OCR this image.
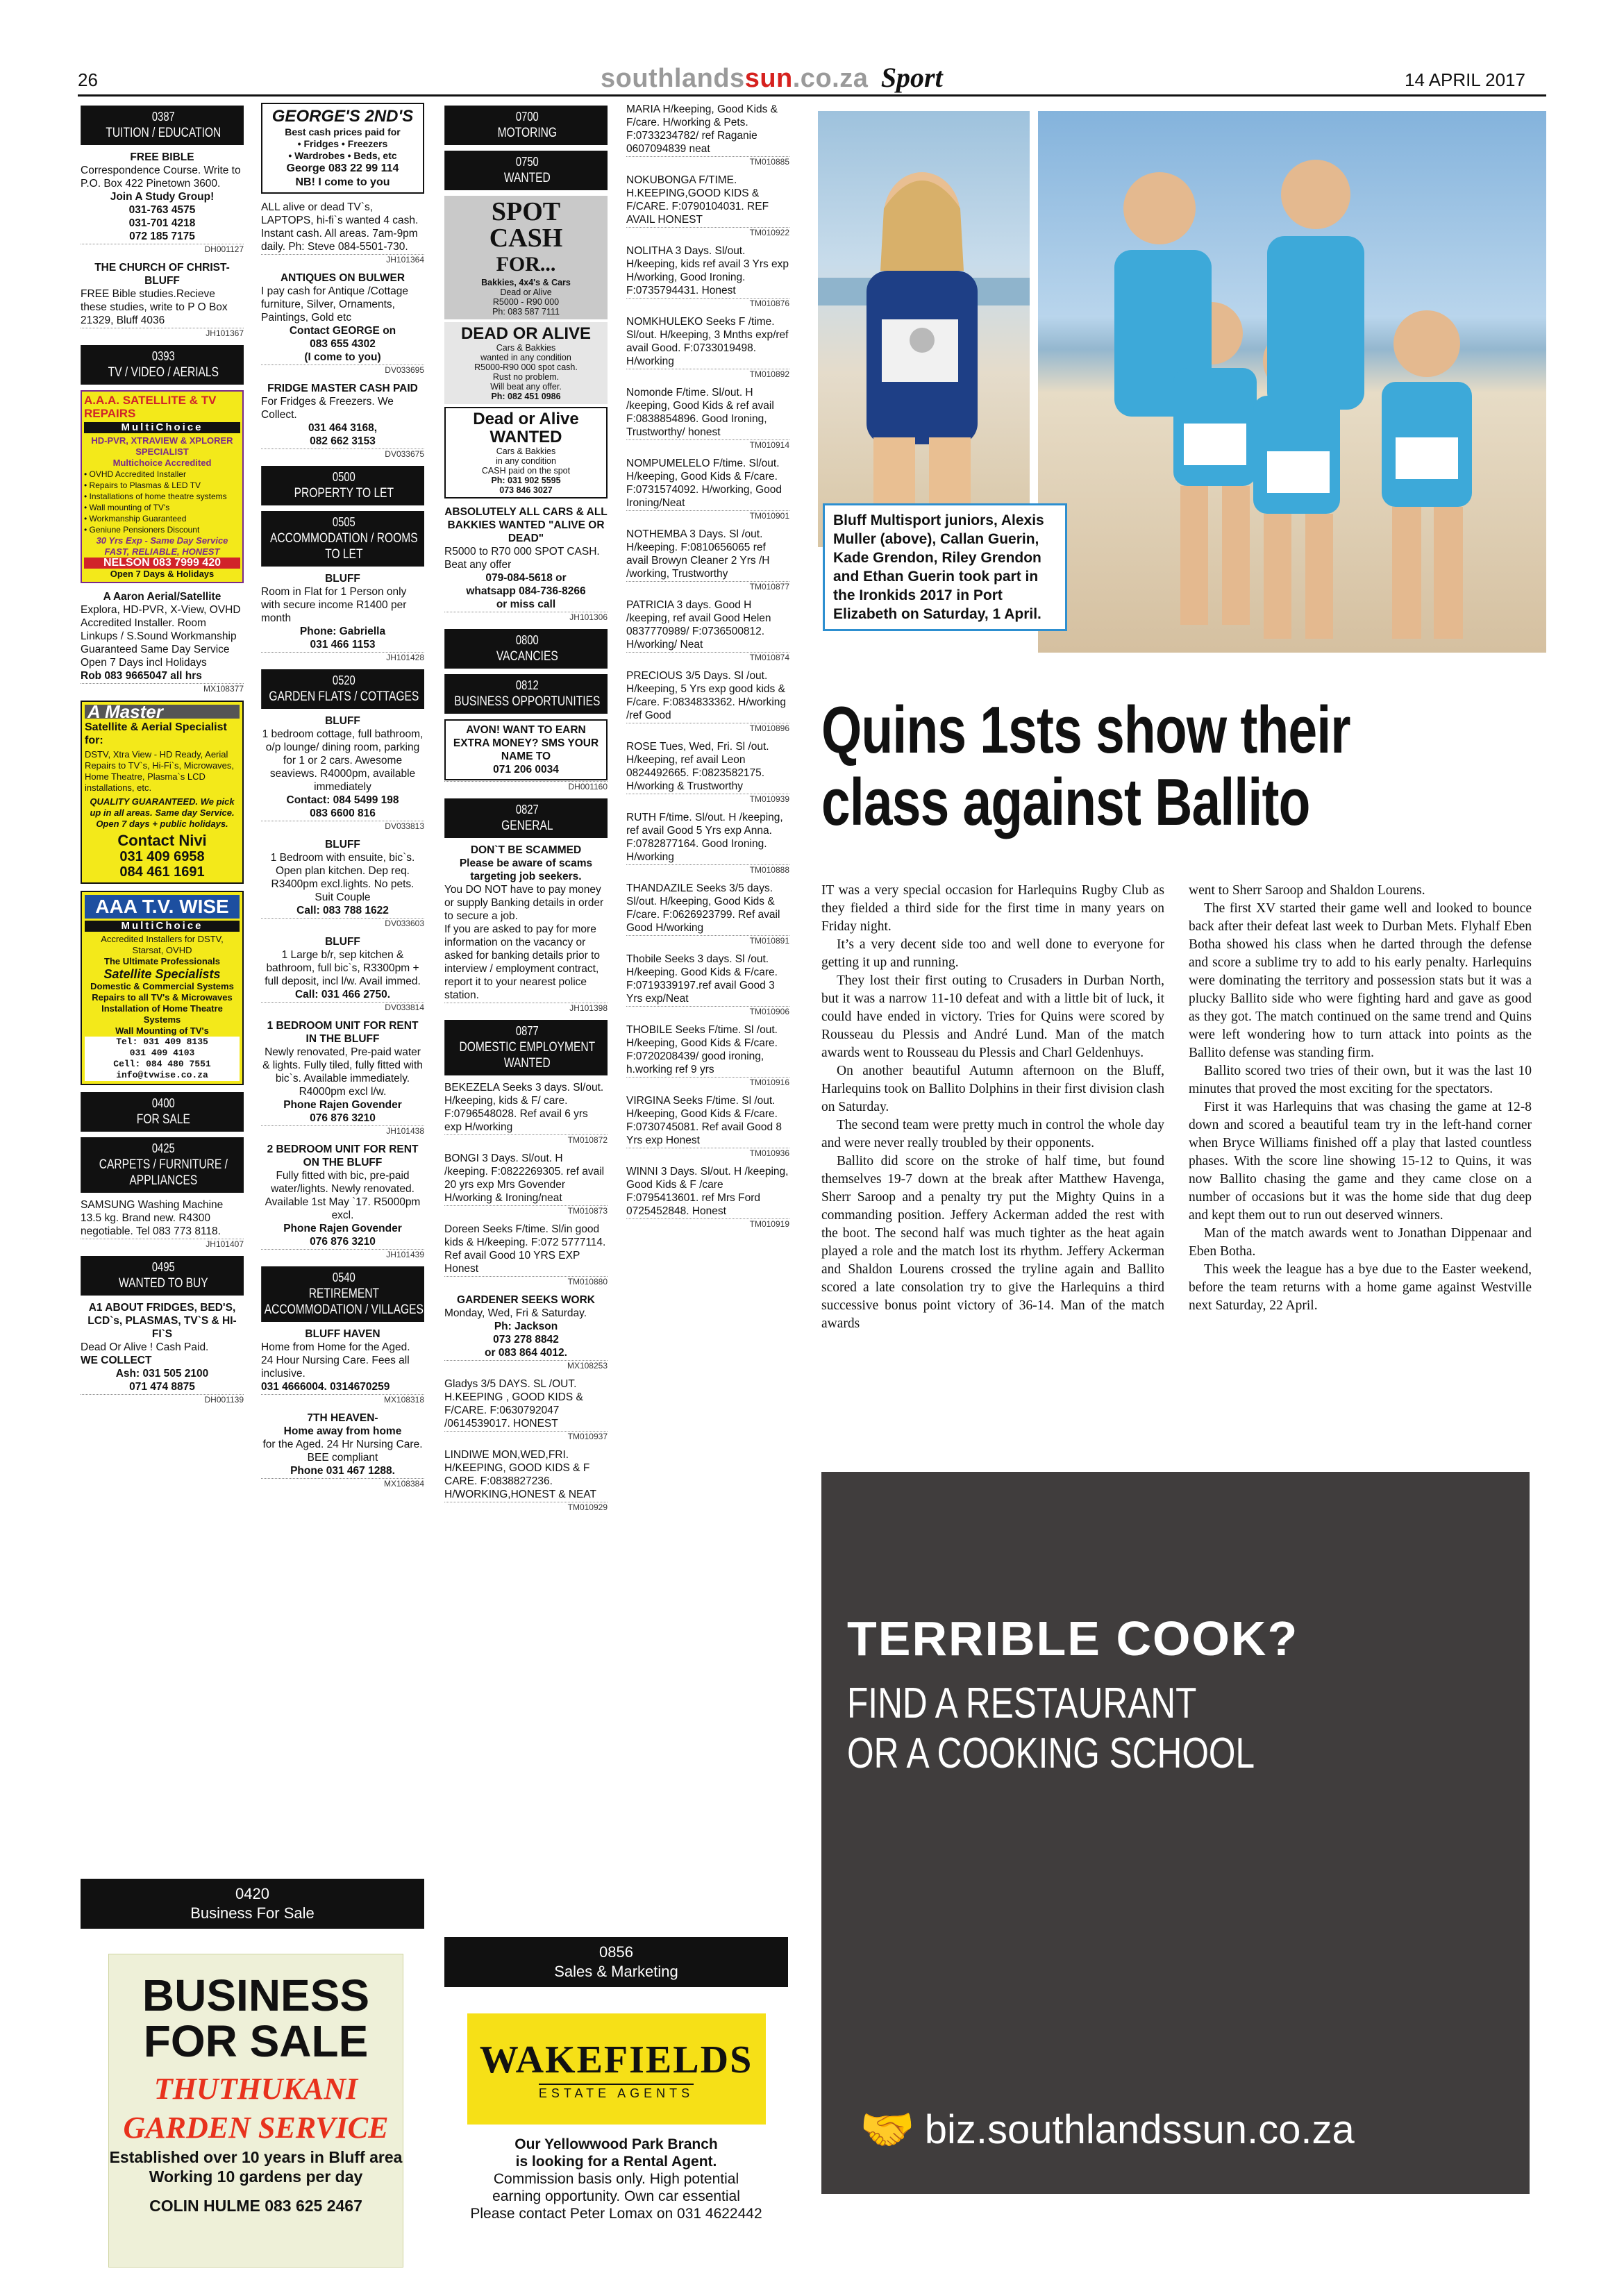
26	southlandssun.co.za Sport	14 APRIL 2017
0387
TUITION / EDUCATION
FREE BIBLE
Correspondence Course. Write to P.O. Box 422 Pinetown 3600.
Join A Study Group!
031-763 4575
031-701 4218
072 185 7175
DH001127
THE CHURCH OF CHRIST-BLUFF
FREE Bible studies.Recieve these studies, write to P O Box 21329, Bluff 4036
JH101367
0393
TV / VIDEO / AERIALS
A.A.A. SATELLITE & TV REPAIRS
MultiChoice
HD-PVR, XTRAVIEW & XPLORER SPECIALIST
Multichoice Accredited
• OVHD Accredited Installer
• Repairs to Plasmas & LED TV
• Installations of home theatre systems
• Wall mounting of TV's
• Workmanship Guaranteed
• Geniune Pensioners Discount
30 Yrs Exp - Same Day Service
FAST, RELIABLE, HONEST
NELSON 083 7999 420
Open 7 Days & Holidays
A Aaron Aerial/Satellite
Explora, HD-PVR, X-View, OVHD Accredited Installer. Room Linkups / S.Sound Workmanship Guaranteed Same Day Service Open 7 Days incl Holidays
Rob 083 9665047 all hrs
MX108377
A Master
Satellite & Aerial Specialist for:
DSTV, Xtra View - HD Ready, Aerial Repairs to TV`s, Hi-Fi`s, Microwaves, Home Theatre, Plasma`s LCD installations, etc.
QUALITY GUARANTEED. We pick up in all areas. Same day Service. Open 7 days + public holidays.
Contact Nivi
031 409 6958
084 461 1691
AAA T.V. WISE
MultiChoice
Accredited Installers for DSTV, Starsat, OVHD
The Ultimate Professionals
Satellite Specialists
Domestic & Commercial Systems
Repairs to all TV's & Microwaves
Installation of Home Theatre Systems
Wall Mounting of TV's
Tel: 031 409 8135
031 409 4103
Cell: 084 480 7551
info@tvwise.co.za
0400
FOR SALE
0425
CARPETS / FURNITURE / APPLIANCES
SAMSUNG Washing Machine 13.5 kg. Brand new. R4300 negotiable. Tel 083 773 8118.
JH101407
0495
WANTED TO BUY
A1 ABOUT FRIDGES, BED'S, LCD`s, PLASMAS, TV`S & HI-FI`S
Dead Or Alive ! Cash Paid.
WE COLLECT
Ash: 031 505 2100
071 474 8875
DH001139
GEORGE'S 2ND'S
Best cash prices paid for
• Fridges • Freezers
• Wardrobes • Beds, etc
George 083 22 99 114
NB! I come to you
ALL alive or dead TV`s, LAPTOPS, hi-fi`s wanted 4 cash. Instant cash. All areas. 7am-9pm daily. Ph: Steve 084-5501-730.
JH101364
ANTIQUES ON BULWER
I pay cash for Antique /Cottage furniture, Silver, Ornaments, Paintings, Gold etc
Contact GEORGE on
083 655 4302
(I come to you)
DV033695
FRIDGE MASTER CASH PAID
For Fridges & Freezers. We Collect.
031 464 3168,
082 662 3153
DV033675
0500
PROPERTY TO LET
0505
ACCOMMODATION / ROOMS TO LET
BLUFF
Room in Flat for 1 Person only with secure income R1400 per month
Phone: Gabriella
031 466 1153
JH101428
0520
GARDEN FLATS / COTTAGES
BLUFF
1 bedroom cottage, full bathroom, o/p lounge/ dining room, parking for 1 or 2 cars. Awesome seaviews. R4000pm, available immediately
Contact: 084 5499 198
083 6600 816
DV033813
BLUFF
1 Bedroom with ensuite, bic`s. Open plan kitchen. Dep req. R3400pm excl.lights. No pets. Suit Couple
Call: 083 788 1622
DV033603
BLUFF
1 Large b/r, sep kitchen & bathroom, full bic`s, R3300pm + full deposit, incl l/w. Avail immed.
Call: 031 466 2750.
DV033814
1 BEDROOM UNIT FOR RENT IN THE BLUFF
Newly renovated, Pre-paid water & lights. Fully tiled, fully fitted with bic`s. Available immediately. R4000pm excl l/w.
Phone Rajen Govender
076 876 3210
JH101438
2 BEDROOM UNIT FOR RENT ON THE BLUFF
Fully fitted with bic, pre-paid water/lights. Newly renovated. Available 1st May `17. R5000pm excl.
Phone Rajen Govender
076 876 3210
JH101439
0540
RETIREMENT ACCOMMODATION / VILLAGES
BLUFF HAVEN
Home from Home for the Aged. 24 Hour Nursing Care. Fees all inclusive.
031 4666004. 0314670259
MX108318
7TH HEAVEN-
Home away from home
for the Aged. 24 Hr Nursing Care. BEE compliant
Phone 031 467 1288.
MX108384
0700
MOTORING
0750
WANTED
SPOT
CASH
FOR...
Bakkies, 4x4's & Cars
Dead or Alive
R5000 - R90 000
Ph: 083 587 7111
DEAD OR ALIVE
Cars & Bakkies
wanted in any condition
R5000-R90 000 spot cash.
Rust no problem.
Will beat any offer.
Ph: 082 451 0986
Dead or Alive
WANTED
Cars & Bakkies
in any condition
CASH paid on the spot
Ph: 031 902 5595
073 846 3027
ABSOLUTELY ALL CARS & ALL BAKKIES WANTED "ALIVE OR DEAD"
R5000 to R70 000 SPOT CASH. Beat any offer
079-084-5618 or
whatsapp 084-736-8266
or miss call
JH101306
0800
VACANCIES
0812
BUSINESS OPPORTUNITIES
AVON! WANT TO EARN EXTRA MONEY? SMS YOUR NAME TO
071 206 0034
DH001160
0827
GENERAL
DON`T BE SCAMMED
Please be aware of scams targeting job seekers.
You DO NOT have to pay money or supply Banking details in order to secure a job.
If you are asked to pay for more information on the vacancy or asked for banking details prior to interview / employment contract, report it to your nearest police station.
JH101398
0877
DOMESTIC EMPLOYMENT WANTED
BEKEZELA Seeks 3 days. Sl/out. H/keeping, kids & F/ care. F:0796548028. Ref avail 6 yrs exp H/working
TM010872
BONGI 3 Days. Sl/out. H /keeping. F:0822269305. ref avail 20 yrs exp Mrs Govender H/working & Ironing/neat
TM010873
Doreen Seeks F/time. Sl/in good kids & H/keeping. F:072 5777114. Ref avail Good 10 YRS EXP Honest
TM010880
GARDENER SEEKS WORK
Monday, Wed, Fri & Saturday.
Ph: Jackson
073 278 8842
or 083 864 4012.
MX108253
Gladys 3/5 DAYS. SL /OUT. H.KEEPING , GOOD KIDS & F/CARE. F:0630792047 /0614539017. HONEST
TM010937
LINDIWE MON,WED,FRI. H/KEEPING, GOOD KIDS & F CARE. F:0838827236. H/WORKING,HONEST & NEAT
TM010929
MARIA H/keeping, Good Kids & F/care. H/working & Pets. F:0733234782/ ref Raganie 0607094839 neat
TM010885
NOKUBONGA F/TIME. H.KEEPING,GOOD KIDS & F/CARE. F:0790104031. REF AVAIL HONEST
TM010922
NOLITHA 3 Days. Sl/out. H/keeping, kids ref avail 3 Yrs exp H/working, Good Ironing. F:0735794431. Honest
TM010876
NOMKHULEKO Seeks F /time. Sl/out. H/keeping, 3 Mnths exp/ref avail Good. F:0733019498. H/working
TM010892
Nomonde F/time. Sl/out. H /keeping, Good Kids & ref avail F:0838854896. Good Ironing, Trustworthy/ honest
TM010914
NOMPUMELELO F/time. Sl/out. H/keeping, Good Kids & F/care. F:0731574092. H/working, Good Ironing/Neat
TM010901
NOTHEMBA 3 Days. Sl /out. H/keeping. F:0810656065 ref avail Browyn Cleaner 2 Yrs /H /working, Trustworthy
TM010877
PATRICIA 3 days. Good H /keeping, ref avail Good Helen 0837770989/ F:0736500812. H/working/ Neat
TM010874
PRECIOUS 3/5 Days. Sl /out. H/keeping, 5 Yrs exp good kids & F/care. F:0834833362. H/working /ref Good
TM010896
ROSE Tues, Wed, Fri. Sl /out. H/keeping, ref avail Leon 0824492665. F:0823582175. H/working & Trustworthy
TM010939
RUTH F/time. Sl/out. H /keeping, ref avail Good 5 Yrs exp Anna. F:0782877164. Good Ironing. H/working
TM010888
THANDAZILE Seeks 3/5 days. Sl/out. H/keeping, Good Kids & F/care. F:0626923799. Ref avail Good H/working
TM010891
Thobile Seeks 3 days. Sl /out. H/keeping. Good Kids & F/care. F:0719339197.ref avail Good 3 Yrs exp/Neat
TM010906
THOBILE Seeks F/time. Sl /out. H/keeping, Good Kids & F/care. F:0720208439/ good ironing, h.working ref 9 yrs
TM010916
VIRGINA Seeks F/time. Sl /out. H/keeping, Good Kids & F/care. F:0730745081. Ref avail Good 8 Yrs exp Honest
TM010936
WINNI 3 Days. Sl/out. H /keeping, Good Kids & F /care F:0795413601. ref Mrs Ford 0725452848. Honest
TM010919
0420
Business For Sale
BUSINESS
FOR SALE
THUTHUKANI
GARDEN SERVICE
Established over 10 years in Bluff area
Working 10 gardens per day
COLIN HULME 083 625 2467
0856
Sales & Marketing
WAKEFIELDS
ESTATE AGENTS
Our Yellowwood Park Branch
is looking for a Rental Agent.
Commission basis only. High potential
earning opportunity. Own car essential
Please contact Peter Lomax on 031 4622442
Bluff Multisport juniors, Alexis Muller (above), Callan Guerin, Kade Grendon, Riley Grendon and Ethan Guerin took part in the Ironkids 2017 in Port Elizabeth on Saturday, 1 April.
Quins 1sts show their
class against Ballito

IT was a very special occasion for Harlequins Rugby Club as they fielded a third side for the first time in many years on Friday night.

It’s a very decent side too and well done to everyone for getting it up and running.

They lost their first outing to Crusaders in Durban North, but it was a narrow 11-10 defeat and with a little bit of luck, it could have ended in victory. Tries for Quins were scored by Rousseau du Plessis and André Lund. Man of the match awards went to Rousseau du Plessis and Charl Geldenhuys.

On another beautiful Autumn afternoon on the Bluff, Harlequins took on Ballito Dolphins in their first division clash on Saturday.

The second team were pretty much in control the whole day and were never really troubled by their opponents.

Ballito did score on the stroke of half time, but found themselves 19-7 down at the break after Matthew Havenga, Sherr Saroop and a penalty try put the Mighty Quins in a commanding position. Jeffery Ackerman added the rest with the boot. The second half was much tighter as the heat again played a role and the match lost its rhythm. Jeffery Ackerman and Shaldon Lourens crossed the tryline again and Ballito scored a late consolation try to give the Harlequins a third successive bonus point victory of 36-14. Man of the match awards

went to Sherr Saroop and Shaldon Lourens.

The first XV started their game well and looked to bounce back after their defeat last week to Durban Mets. Flyhalf Eben Botha showed his class when he darted through the defense and score a sublime try to add to his early penalty. Harlequins were dominating the territory and possession stats but it was a plucky Ballito side who were fighting hard and gave as good as they got. The match continued on the same trend and Quins were left wondering how to turn attack into points as the Ballito defense was standing firm.

Ballito scored two tries of their own, but it was the last 10 minutes that proved the most exciting for the spectators.

First it was Harlequins that was chasing the game at 12-8 down and scored a beautiful team try in the left-hand corner when Bryce Williams finished off a play that lasted countless phases. With the score line showing 15-12 to Quins, it was now Ballito chasing the game and they came close on a number of occasions but it was the home side that dug deep and kept them out to run out deserved winners.

Man of the match awards went to Jonathan Dippenaar and Eben Botha.

This week the league has a bye due to the Easter weekend, before the team returns with a home game against Westville next Saturday, 22 April.

TERRIBLE COOK?
FIND A RESTAURANT
OR A COOKING SCHOOL
🤝 biz.southlandssun.co.za
